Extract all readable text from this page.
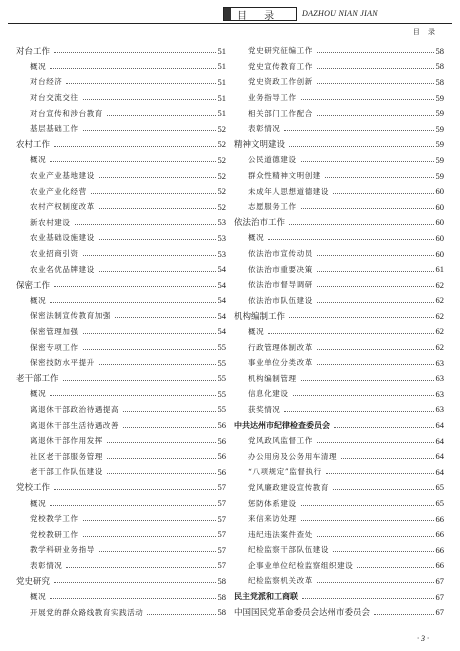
目 录	DAZHOU NIAN JIAN
目 录
对台工作	51
概况	51
对台经济	51
对台交流交往	51
对台宣传和涉台教育	51
基层基础工作	52
农村工作	52
概况	52
农业产业基地建设	52
农业产业化经营	52
农村产权制度改革	52
新农村建设	53
农业基础设施建设	53
农业招商引资	53
农业名优品牌建设	54
保密工作	54
概况	54
保密法制宣传教育加强	54
保密管理加强	54
保密专项工作	55
保密技防水平提升	55
老干部工作	55
概况	55
离退休干部政治待遇提高	55
离退休干部生活待遇改善	56
离退休干部作用发挥	56
社区老干部服务管理	56
老干部工作队伍建设	56
党校工作	57
概况	57
党校教学工作	57
党校教研工作	57
教学科研业务指导	57
表彰情况	57
党史研究	58
概况	58
开展党的群众路线教育实践活动	58
党史研究征编工作	58
党史宣传教育工作	58
党史资政工作创新	58
业务指导工作	59
相关部门工作配合	59
表彰情况	59
精神文明建设	59
公民道德建设	59
群众性精神文明创建	59
未成年人思想道德建设	60
志愿服务工作	60
依法治市工作	60
概况	60
依法治市宣传动员	60
依法治市重要决策	61
依法治市督导调研	62
依法治市队伍建设	62
机构编制工作	62
概况	62
行政管理体制改革	62
事业单位分类改革	63
机构编制管理	63
信息化建设	63
获奖情况	63
中共达州市纪律检查委员会	64
党风政风监督工作	64
办公用房及公务用车清理	64
“八项规定”监督执行	64
党风廉政建设宣传教育	65
惩防体系建设	65
来信来访处理	66
违纪违法案件查处	66
纪检监察干部队伍建设	66
企事业单位纪检监察组织建设	66
纪检监察机关改革	67
民主党派和工商联	67
中国国民党革命委员会达州市委员会	67
· 3 ·
